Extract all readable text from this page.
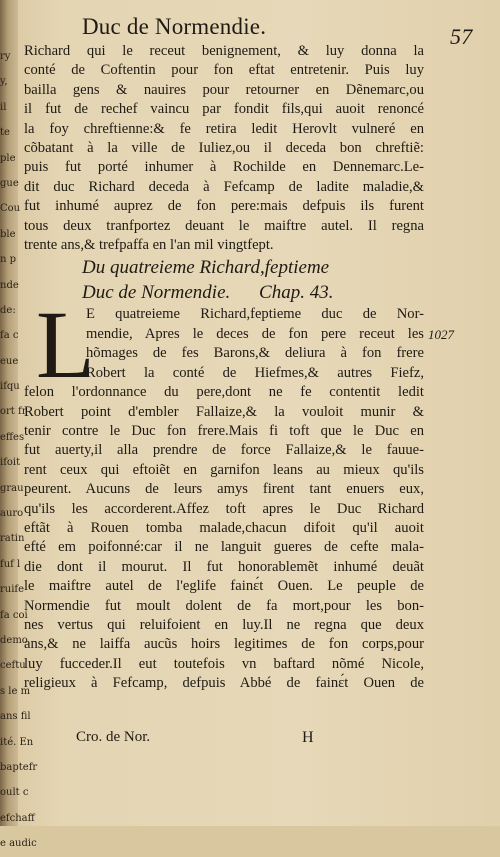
ry
y,
il
te
ple
gue
Cou
ble
n p
nde
de:
fa c
eue
ifqu
ort fr
effes
ifoit
grau
auro
ratin
fuf l
ruife
fa coi
demo
ceftu
s le m
ans fil
ité. En
baptefr
oult c
efchaff
e audic
Duc de Normendie.	57
Richard qui le receut benignement, & luy donna la
conté de Coftentin pour fon eftat entretenir. Puis luy
bailla gens & nauires pour retourner en Dẽnemarc,ou
il fut de rechef vaincu par fondit fils,qui auoit renoncé
la foy chreftienne:& fe retira ledit Herovlt vulneré en
cõbatant à la ville de Iuliez,ou il deceda bon chreftiẽ:
puis fut porté inhumer à Rochilde en Dennemarc.Le-
dit duc Richard deceda à Fefcamp de ladite maladie,&
fut inhumé auprez de fon pere:mais defpuis ils furent
tous deux tranfportez deuant le maiftre autel. Il regna
trente ans,& trefpaffa en l'an mil vingtfept.
Du quatreieme Richard,feptieme
Duc de Normendie. Chap. 43.
L
E quatreieme Richard,feptieme duc de Nor-
mendie, Apres le deces de fon pere receut les
hõmages de fes Barons,& deliura à fon frere
Robert la conté de Hiefmes,& autres Fiefz,
felon l'ordonnance du pere,dont ne fe contentit ledit
Robert point d'embler Fallaize,& la vouloit munir &
tenir contre le Duc fon frere.Mais fi toft que le Duc en
fut auerty,il alla prendre de force Fallaize,& le fauue-
rent ceux qui eftoiẽt en garnifon leans au mieux qu'ils
peurent. Aucuns de leurs amys firent tant enuers eux,
qu'ils les accorderent.Affez toft apres le Duc Richard
eftãt à Rouen tomba malade,chacun difoit qu'il auoit
efté em poifonné:car il ne languit gueres de cefte mala-
die dont il mourut. Il fut honorablemẽt inhumé deuãt
le maiftre autel de l'eglife fainɛ́t Ouen. Le peuple de
Normendie fut moult dolent de fa mort,pour les bon-
nes vertus qui reluifoient en luy.Il ne regna que deux
ans,& ne laiffa aucũs hoirs legitimes de fon corps,pour
luy fucceder.Il eut toutefois vn baftard nõmé Nicole,
religieux à Fefcamp, defpuis Abbé de fainɛ́t Ouen de
1027
Cro. de Nor.	H
